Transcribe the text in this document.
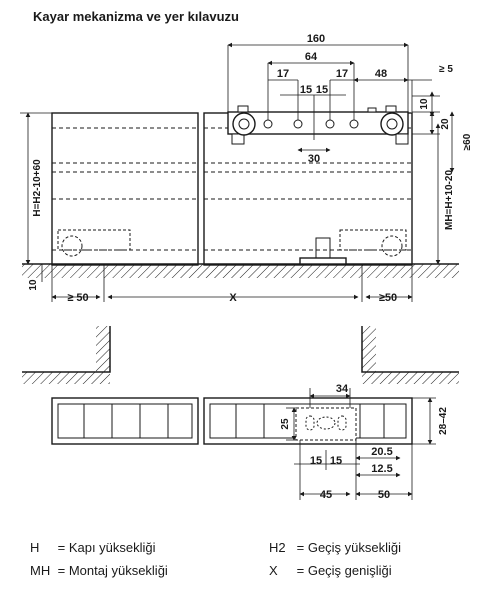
Kayar mekanizma ve yer kılavuzu
160
64
17
15 15
17 48	≥ 5
30
10
20
≥60
MH=H+10-20
H=H2-10+60
10
≥ 50	X	≥50
34
25	28–42
20.5
12.5
15 15
45	50
H = Kapı yüksekliği
MH = Montaj yüksekliği
H2 = Geçiş yüksekliği
X = Geçiş genişliği
